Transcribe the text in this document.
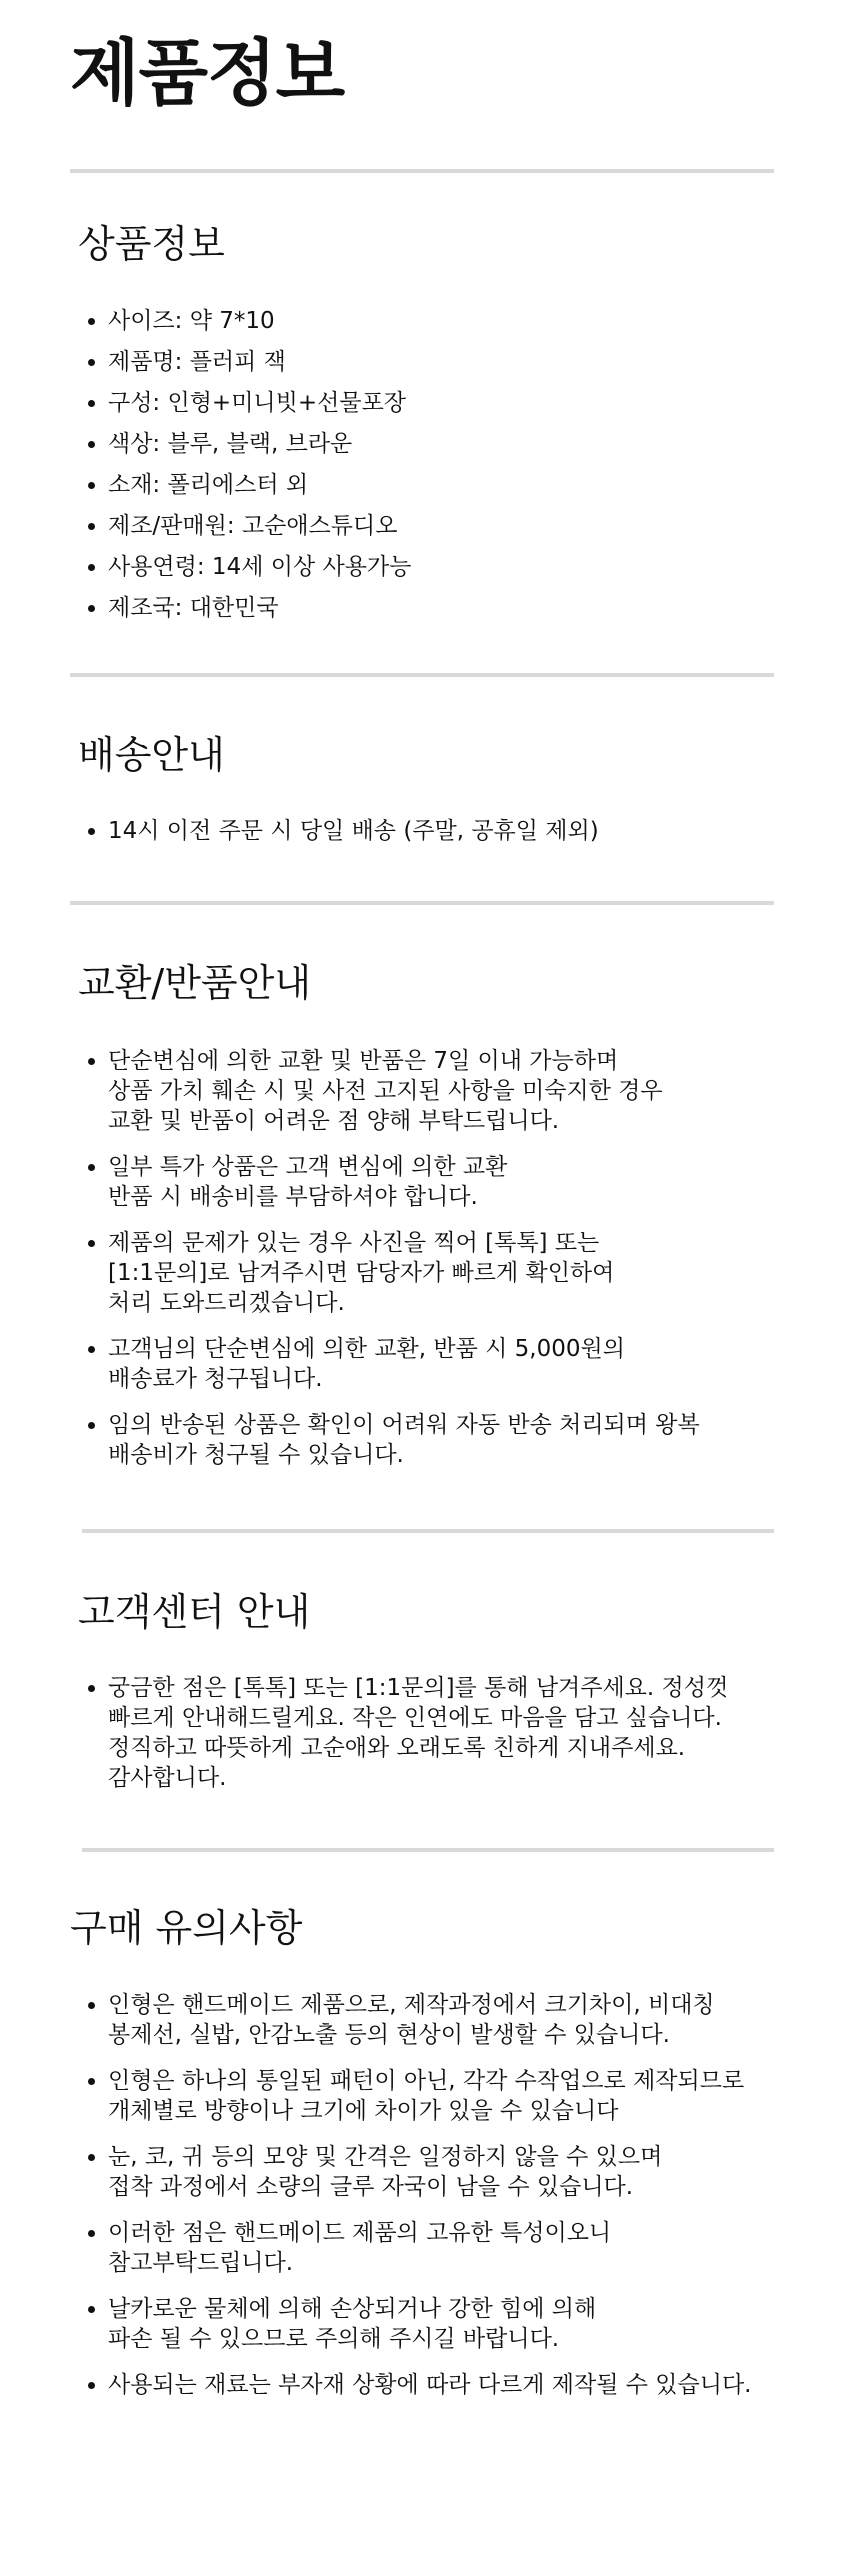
제품정보
상품정보
• 사이즈: 약 7*10
• 제품명: 플러피 잭
• 구성: 인형+미니빗+선물포장
• 색상: 블루, 블랙, 브라운
• 소재: 폴리에스터 외
• 제조/판매원: 고순애스튜디오
• 사용연령: 14세 이상 사용가능
• 제조국: 대한민국
배송안내
• 14시 이전 주문 시 당일 배송 (주말, 공휴일 제외)
교환/반품안내
• 단순변심에 의한 교환 및 반품은 7일 이내 가능하며
상품 가치 훼손 시 및 사전 고지된 사항을 미숙지한 경우
교환 및 반품이 어려운 점 양해 부탁드립니다.
• 일부 특가 상품은 고객 변심에 의한 교환
반품 시 배송비를 부담하셔야 합니다.
• 제품의 문제가 있는 경우 사진을 찍어 [톡톡] 또는
[1:1문의]로 남겨주시면 담당자가 빠르게 확인하여
처리 도와드리겠습니다.
• 고객님의 단순변심에 의한 교환, 반품 시 5,000원의
배송료가 청구됩니다.
• 임의 반송된 상품은 확인이 어려워 자동 반송 처리되며 왕복
배송비가 청구될 수 있습니다.
고객센터 안내
• 궁금한 점은 [톡톡] 또는 [1:1문의]를 통해 남겨주세요. 정성껏
빠르게 안내해드릴게요. 작은 인연에도 마음을 담고 싶습니다.
정직하고 따뜻하게 고순애와 오래도록 친하게 지내주세요.
감사합니다.
구매 유의사항
• 인형은 핸드메이드 제품으로, 제작과정에서 크기차이, 비대칭
봉제선, 실밥, 안감노출 등의 현상이 발생할 수 있습니다.
• 인형은 하나의 통일된 패턴이 아닌, 각각 수작업으로 제작되므로
개체별로 방향이나 크기에 차이가 있을 수 있습니다
• 눈, 코, 귀 등의 모양 및 간격은 일정하지 않을 수 있으며
접착 과정에서 소량의 글루 자국이 남을 수 있습니다.
• 이러한 점은 핸드메이드 제품의 고유한 특성이오니
참고부탁드립니다.
• 날카로운 물체에 의해 손상되거나 강한 힘에 의해
파손 될 수 있으므로 주의해 주시길 바랍니다.
• 사용되는 재료는 부자재 상황에 따라 다르게 제작될 수 있습니다.
